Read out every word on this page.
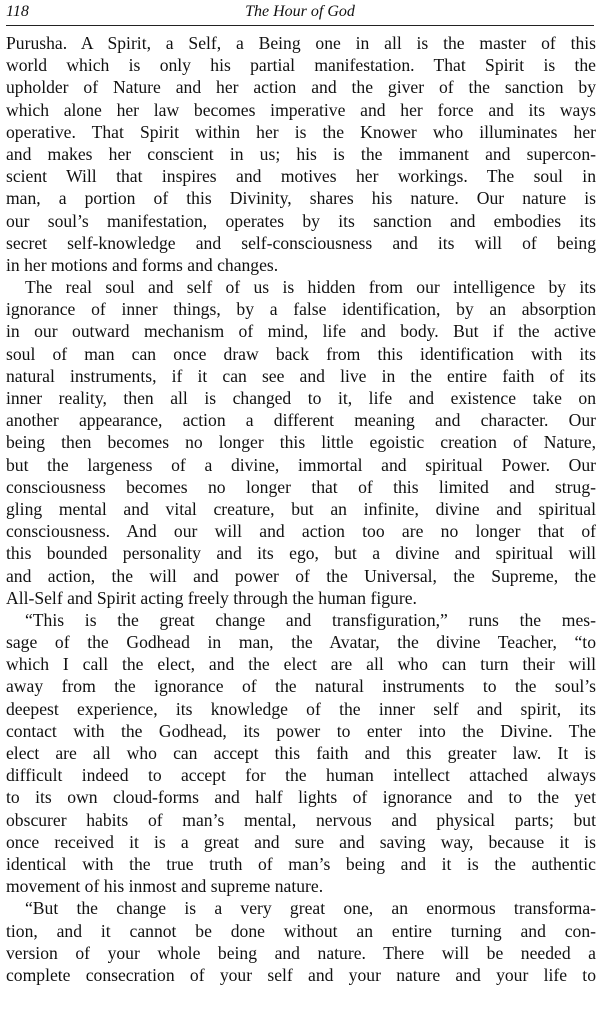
118	The Hour of God
Purusha. A Spirit, a Self, a Being one in all is the master of this
world which is only his partial manifestation. That Spirit is the
upholder of Nature and her action and the giver of the sanction by
which alone her law becomes imperative and her force and its ways
operative. That Spirit within her is the Knower who illuminates her
and makes her conscient in us; his is the immanent and supercon-
scient Will that inspires and motives her workings. The soul in
man, a portion of this Divinity, shares his nature. Our nature is
our soul’s manifestation, operates by its sanction and embodies its
secret self-knowledge and self-consciousness and its will of being
in her motions and forms and changes.
The real soul and self of us is hidden from our intelligence by its
ignorance of inner things, by a false identification, by an absorption
in our outward mechanism of mind, life and body. But if the active
soul of man can once draw back from this identification with its
natural instruments, if it can see and live in the entire faith of its
inner reality, then all is changed to it, life and existence take on
another appearance, action a different meaning and character. Our
being then becomes no longer this little egoistic creation of Nature,
but the largeness of a divine, immortal and spiritual Power. Our
consciousness becomes no longer that of this limited and strug-
gling mental and vital creature, but an infinite, divine and spiritual
consciousness. And our will and action too are no longer that of
this bounded personality and its ego, but a divine and spiritual will
and action, the will and power of the Universal, the Supreme, the
All-Self and Spirit acting freely through the human figure.
“This is the great change and transfiguration,” runs the mes-
sage of the Godhead in man, the Avatar, the divine Teacher, “to
which I call the elect, and the elect are all who can turn their will
away from the ignorance of the natural instruments to the soul’s
deepest experience, its knowledge of the inner self and spirit, its
contact with the Godhead, its power to enter into the Divine. The
elect are all who can accept this faith and this greater law. It is
difficult indeed to accept for the human intellect attached always
to its own cloud-forms and half lights of ignorance and to the yet
obscurer habits of man’s mental, nervous and physical parts; but
once received it is a great and sure and saving way, because it is
identical with the true truth of man’s being and it is the authentic
movement of his inmost and supreme nature.
“But the change is a very great one, an enormous transforma-
tion, and it cannot be done without an entire turning and con-
version of your whole being and nature. There will be needed a
complete consecration of your self and your nature and your life to
